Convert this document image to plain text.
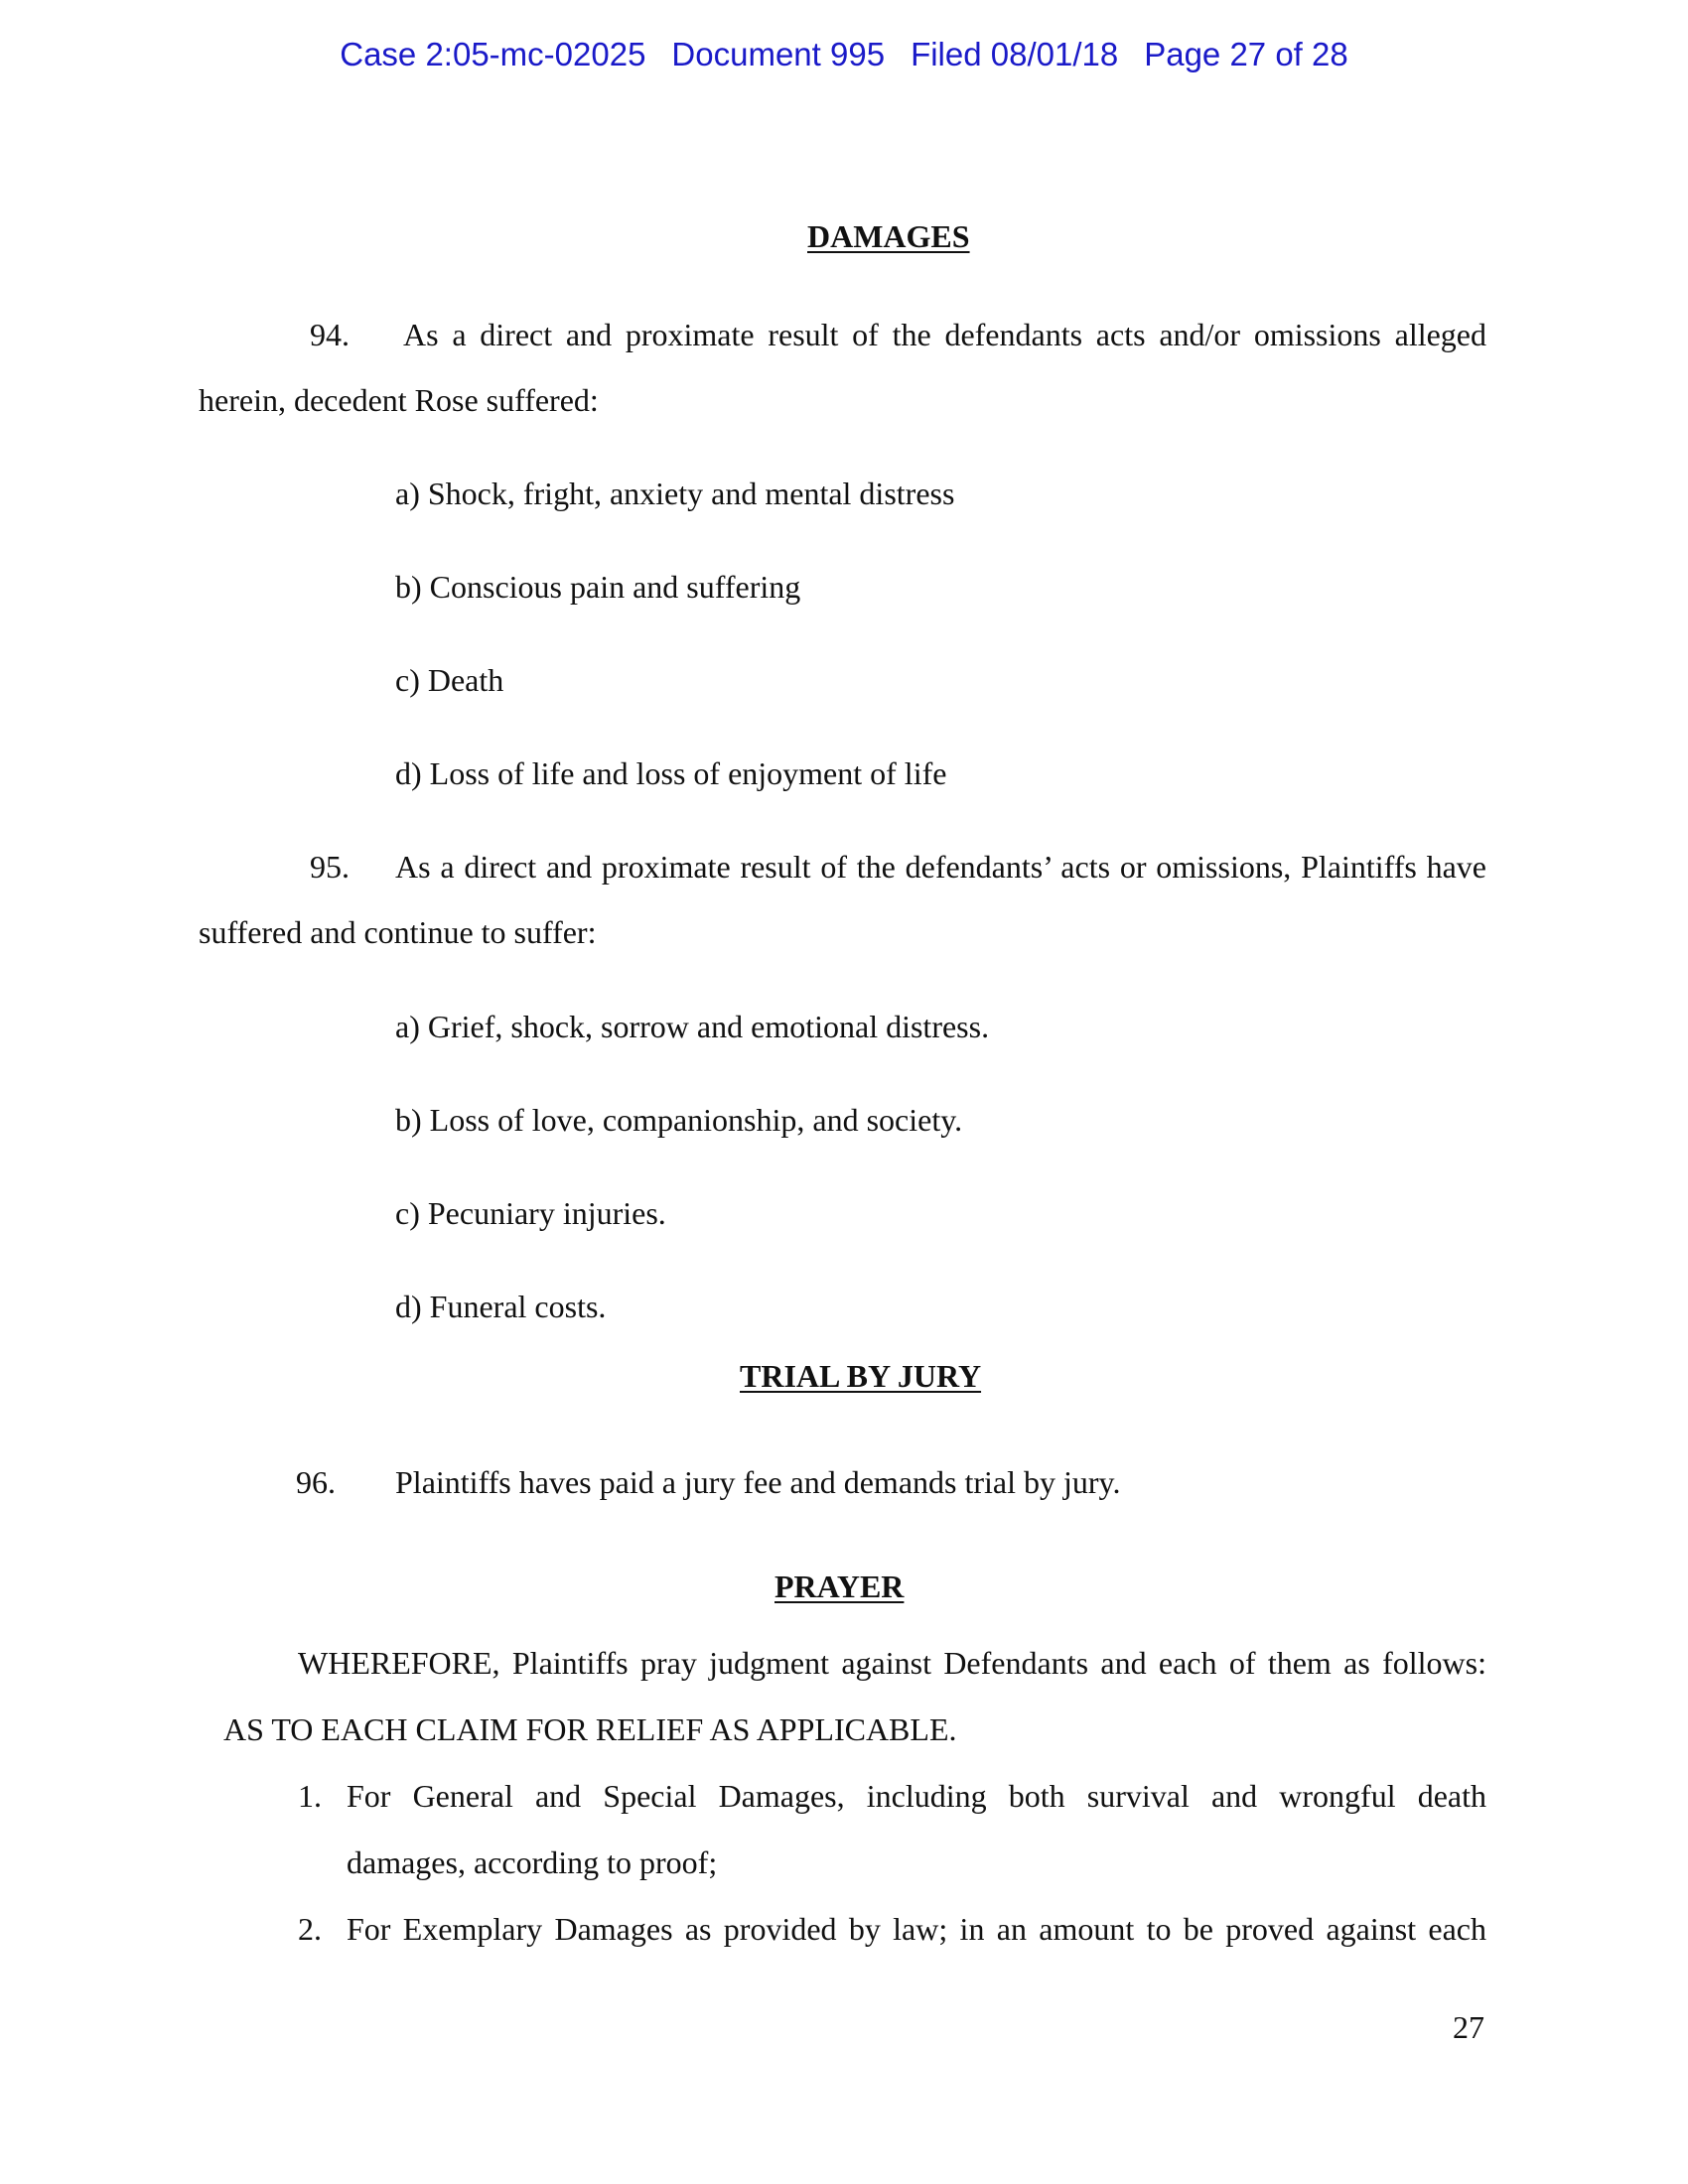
Case 2:05-mc-02025 Document 995 Filed 08/01/18 Page 27 of 28
DAMAGES
94. As a direct and proximate result of the defendants acts and/or omissions alleged
herein, decedent Rose suffered:
a) Shock, fright, anxiety and mental distress
b) Conscious pain and suffering
c) Death
d) Loss of life and loss of enjoyment of life
95. As a direct and proximate result of the defendants’ acts or omissions, Plaintiffs have
suffered and continue to suffer:
a) Grief, shock, sorrow and emotional distress.
b) Loss of love, companionship, and society.
c) Pecuniary injuries.
d) Funeral costs.
TRIAL BY JURY
96. Plaintiffs haves paid a jury fee and demands trial by jury.
PRAYER
WHEREFORE, Plaintiffs pray judgment against Defendants and each of them as follows:
AS TO EACH CLAIM FOR RELIEF AS APPLICABLE.
1. For General and Special Damages, including both survival and wrongful death
damages, according to proof;
2. For Exemplary Damages as provided by law; in an amount to be proved against each
27
